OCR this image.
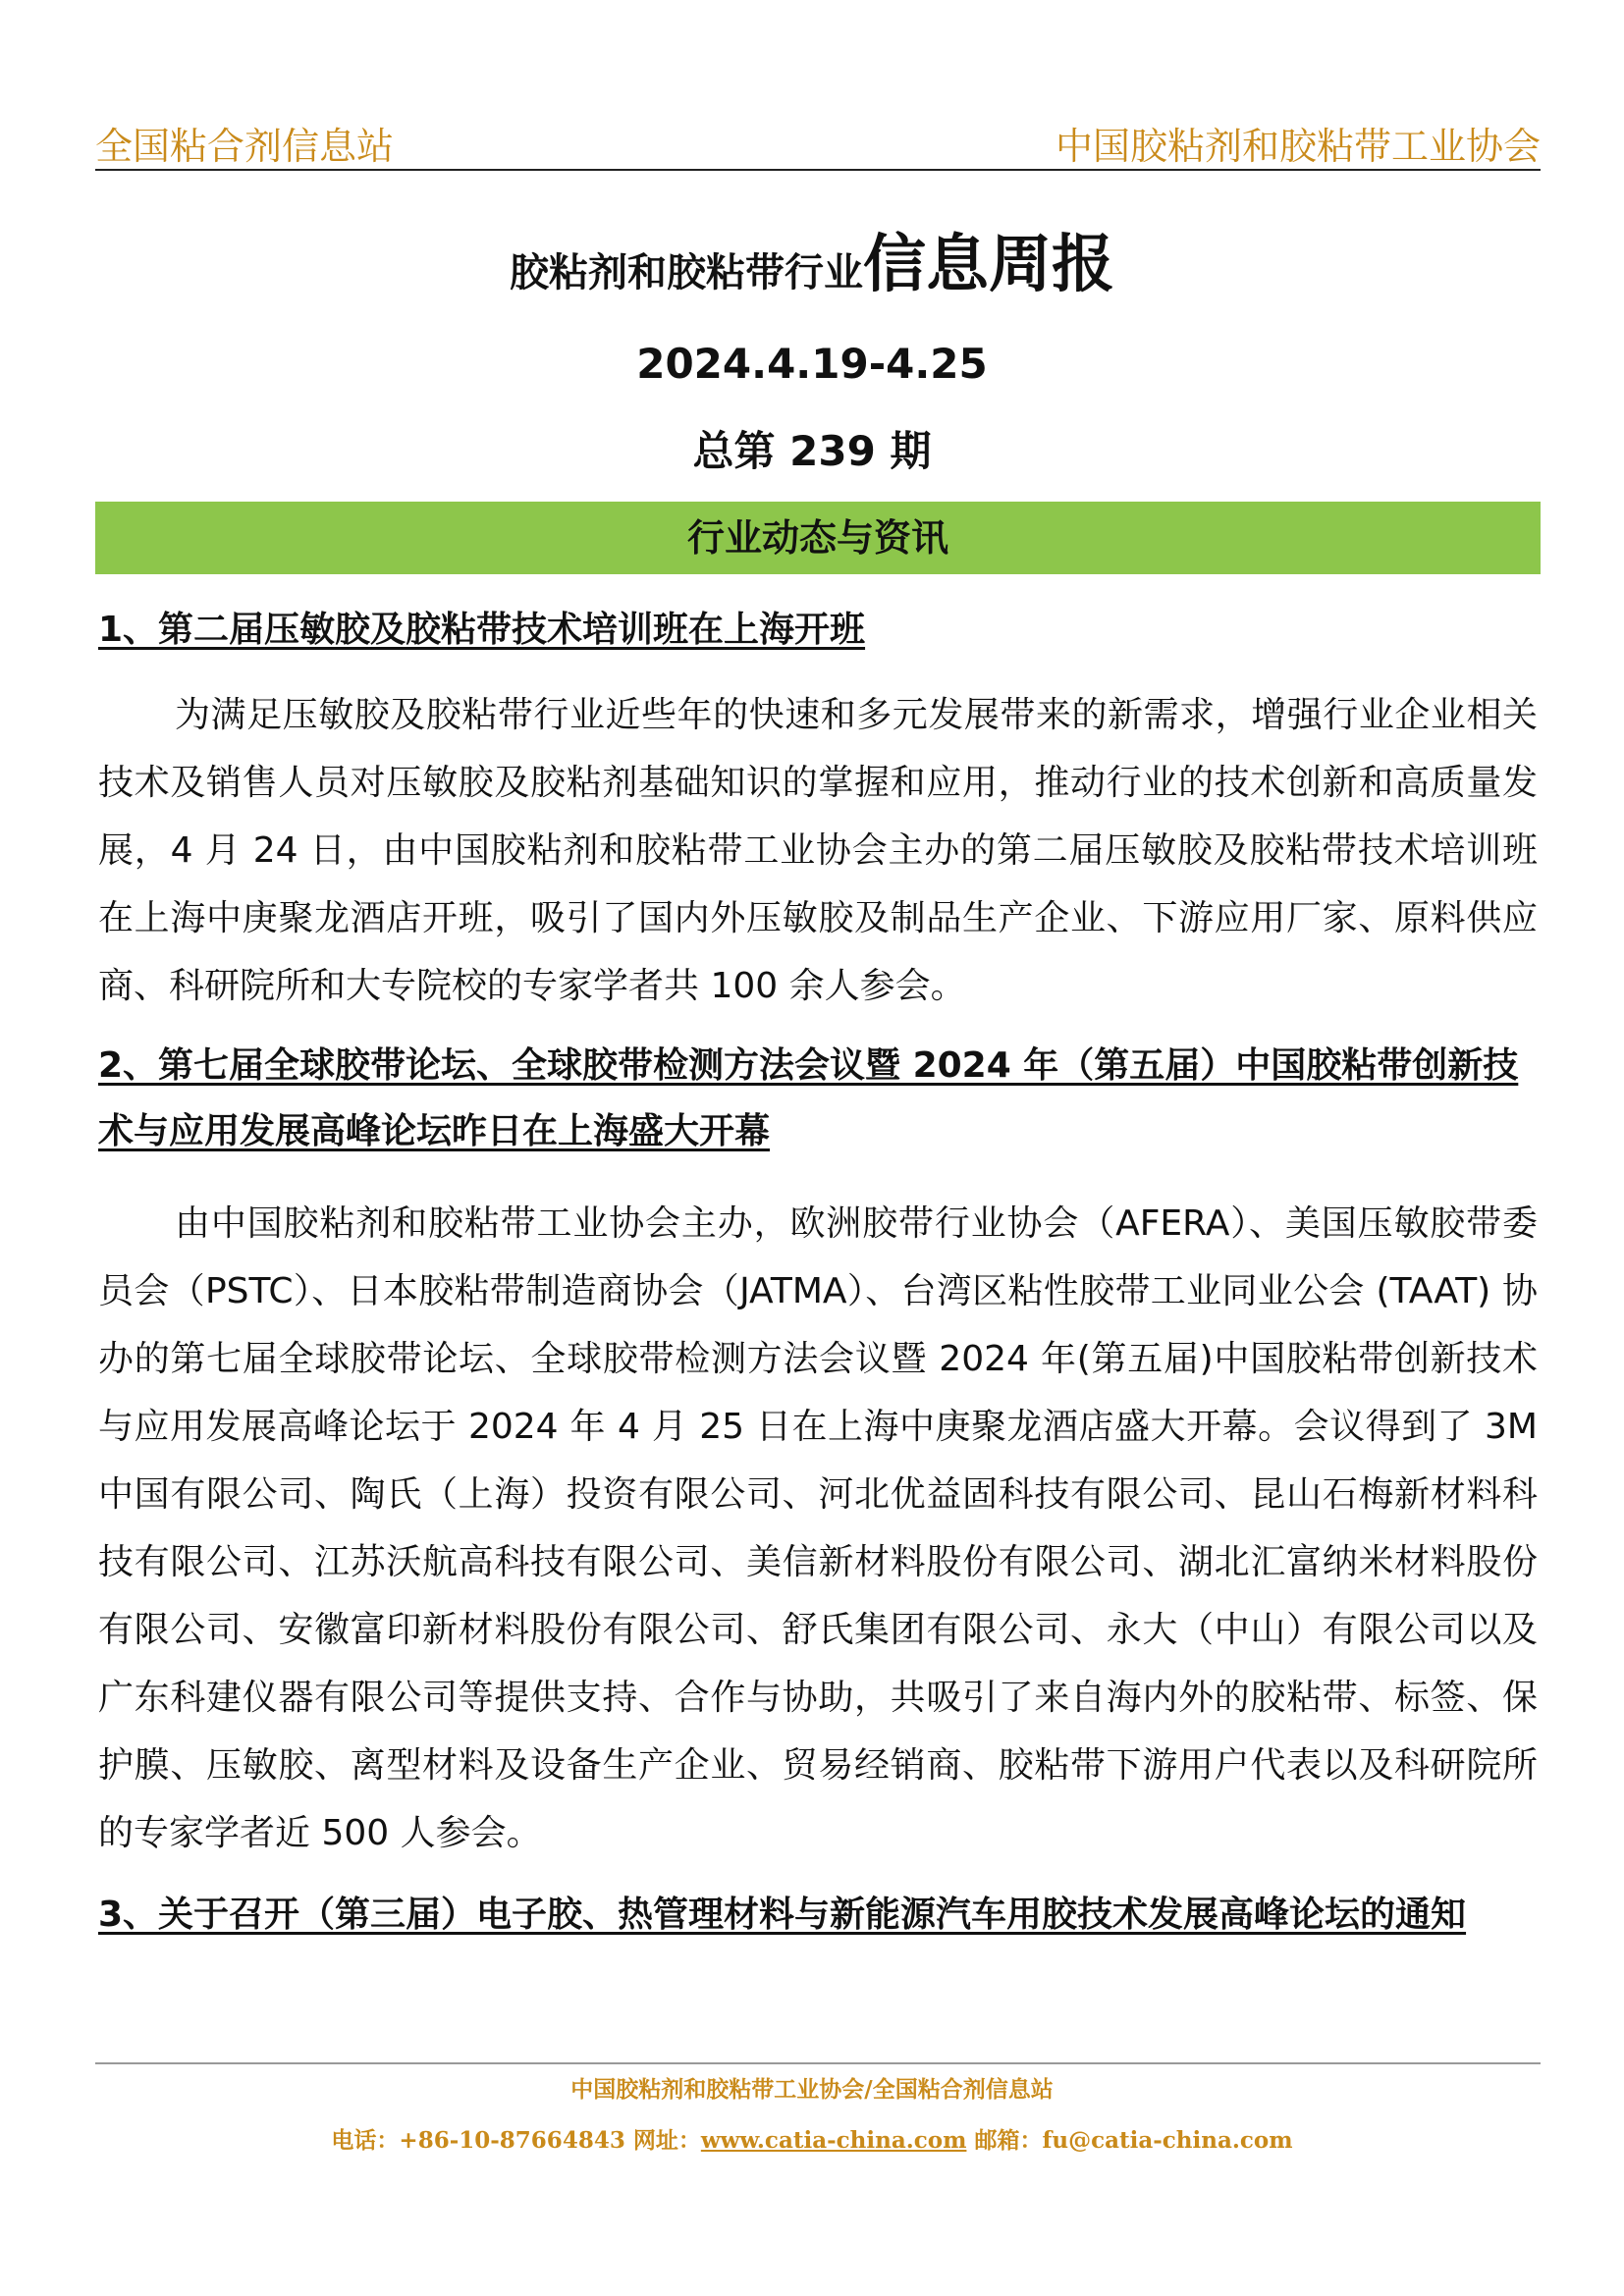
全国粘合剂信息站	中国胶粘剂和胶粘带工业协会
胶粘剂和胶粘带行业信息周报
2024.4.19-4.25
总第 239 期
行业动态与资讯
1、第二届压敏胶及胶粘带技术培训班在上海开班

为满足压敏胶及胶粘带行业近些年的快速和多元发展带来的新需求，增强行业企业相关技术及销售人员对压敏胶及胶粘剂基础知识的掌握和应用，推动行业的技术创新和高质量发展，4 月 24 日，由中国胶粘剂和胶粘带工业协会主办的第二届压敏胶及胶粘带技术培训班在上海中庚聚龙酒店开班，吸引了国内外压敏胶及制品生产企业、下游应用厂家、原料供应商、科研院所和大专院校的专家学者共 100 余人参会。

2、第七届全球胶带论坛、全球胶带检测方法会议暨 2024 年（第五届）中国胶粘带创新技术与应用发展高峰论坛昨日在上海盛大开幕

由中国胶粘剂和胶粘带工业协会主办，欧洲胶带行业协会（AFERA）、美国压敏胶带委员会（PSTC）、日本胶粘带制造商协会（JATMA）、台湾区粘性胶带工业同业公会 (TAAT) 协办的第七届全球胶带论坛、全球胶带检测方法会议暨 2024 年(第五届)中国胶粘带创新技术与应用发展高峰论坛于 2024 年 4 月 25 日在上海中庚聚龙酒店盛大开幕。会议得到了 3M 中国有限公司、陶氏（上海）投资有限公司、河北优益固科技有限公司、昆山石梅新材料科技有限公司、江苏沃航高科技有限公司、美信新材料股份有限公司、湖北汇富纳米材料股份有限公司、安徽富印新材料股份有限公司、舒氏集团有限公司、永大（中山）有限公司以及广东科建仪器有限公司等提供支持、合作与协助，共吸引了来自海内外的胶粘带、标签、保护膜、压敏胶、离型材料及设备生产企业、贸易经销商、胶粘带下游用户代表以及科研院所的专家学者近 500 人参会。

3、关于召开（第三届）电子胶、热管理材料与新能源汽车用胶技术发展高峰论坛的通知
中国胶粘剂和胶粘带工业协会/全国粘合剂信息站
电话：+86-10-87664843 网址：www.catia-china.com 邮箱：fu@catia-china.com
